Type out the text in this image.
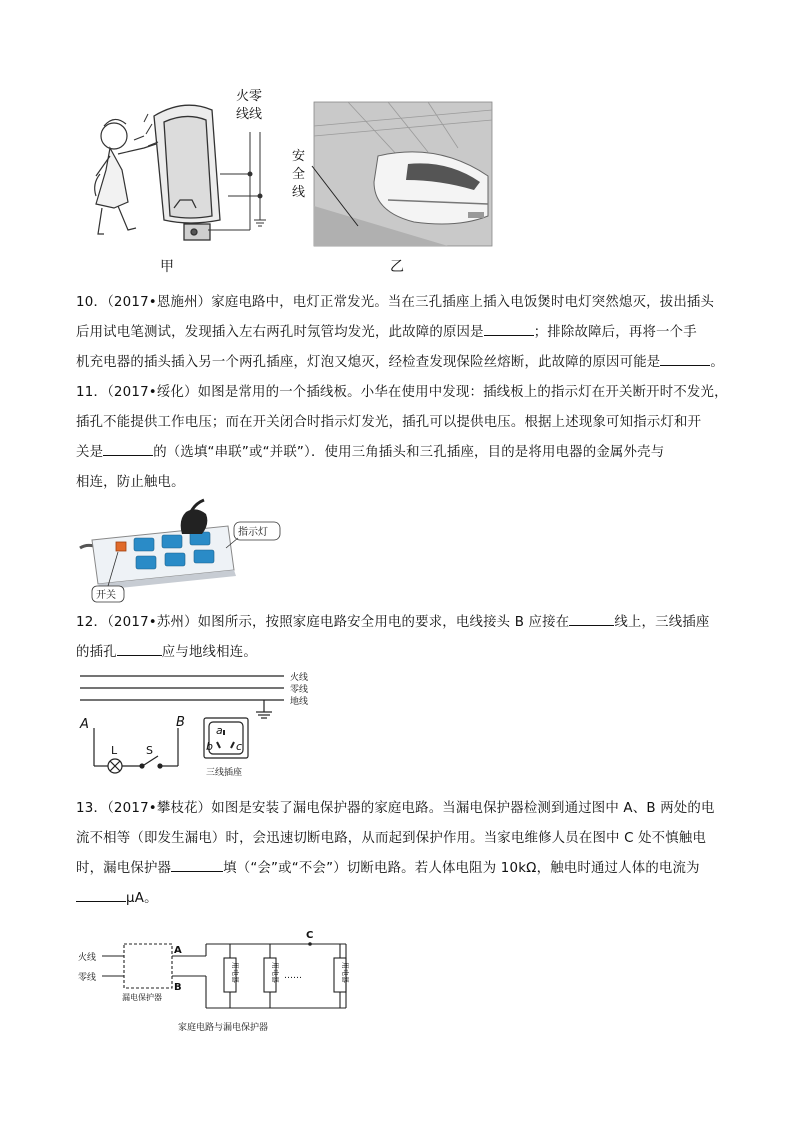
火零
线线
安
全
线
甲	乙
10．（2017•恩施州）家庭电路中，电灯正常发光。当在三孔插座上插入电饭煲时电灯突然熄灭，拔出插头
后用试电笔测试，发现插入左右两孔时氖管均发光，此故障的原因是	；排除故障后，再将一个手
机充电器的插头插入另一个两孔插座，灯泡又熄灭，经检查发现保险丝熔断，此故障的原因可能是	。
11．（2017•绥化）如图是常用的一个插线板。小华在使用中发现：插线板上的指示灯在开关断开时不发光，
插孔不能提供工作电压；而在开关闭合时指示灯发光，插孔可以提供电压。根据上述现象可知指示灯和开
关是	的（选填“串联”或“并联”）．使用三角插头和三孔插座，目的是将用电器的金属外壳与
相连，防止触电。
指示灯
开关
12．（2017•苏州）如图所示，按照家庭电路安全用电的要求，电线接头 B 应接在	线上，三线插座
的插孔	应与地线相连。
火线
零线
地线
A	B
L	S
a
b c
三线插座
13．（2017•攀枝花）如图是安装了漏电保护器的家庭电路。当漏电保护器检测到通过图中 A、B 两处的电
流不相等（即发生漏电）时，会迅速切断电路，从而起到保护作用。当家电维修人员在图中 C 处不慎触电
时，漏电保护器	填（“会”或“不会”）切断电路。若人体电阻为 10kΩ，触电时通过人体的电流为
μA。
火线
零线
A
B
C
漏电保护器
……
用电器	用电器	用电器
家庭电路与漏电保护器
